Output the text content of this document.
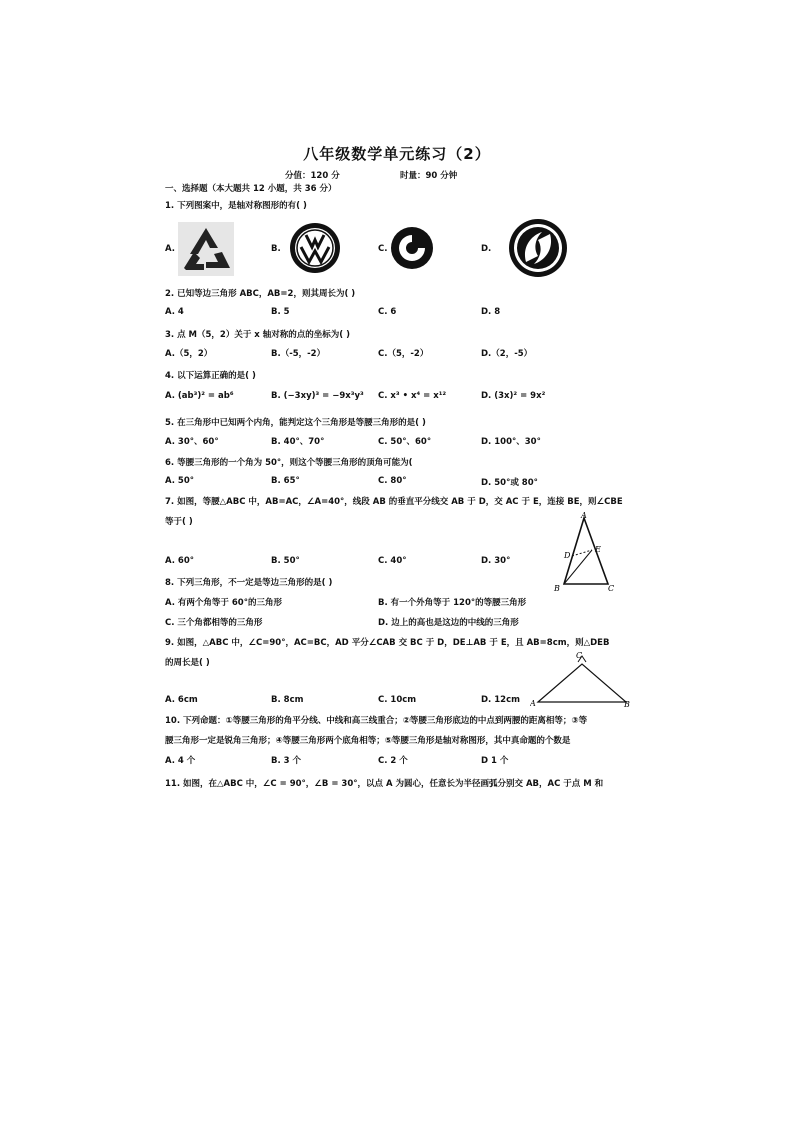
八年级数学单元练习（2）
分值：120 分	时量：90 分钟
一、选择题（本大题共 12 小题，共 36 分）
1. 下列图案中，是轴对称图形的有( )
A.	B.	C.	D.
2. 已知等边三角形 ABC，AB=2，则其周长为( )
A. 4	B. 5	C. 6	D. 8
3. 点 M（5，2）关于 x 轴对称的点的坐标为( )
A.（5，2）	B.（-5，-2）	C.（5，-2）	D.（2，-5）
4. 以下运算正确的是( )
A. (ab³)² = ab⁶	B. (−3xy)³ = −9x³y³ C. x³ • x⁴ = x¹²	D. (3x)² = 9x²
5. 在三角形中已知两个内角，能判定这个三角形是等腰三角形的是( )
A. 30°、60°	B. 40°、70°	C. 50°、60°	D. 100°、30°
6. 等腰三角形的一个角为 50°，则这个等腰三角形的顶角可能为(
A. 50°	B. 65°	C. 80°	D. 50°或 80°
7. 如图，等腰△ABC 中，AB=AC，∠A=40°，线段 AB 的垂直平分线交 AB 于 D，交 AC 于 E，连接 BE，则∠CBE
等于( )
A. 60°	B. 50°	C. 40°	D. 30°
A
D
E
B	C
8. 下列三角形，不一定是等边三角形的是( )
A. 有两个角等于 60°的三角形	B. 有一个外角等于 120°的等腰三角形
C. 三个角都相等的三角形	D. 边上的高也是这边的中线的三角形
9. 如图，△ABC 中，∠C=90°，AC=BC，AD 平分∠CAB 交 BC 于 D，DE⊥AB 于 E，且 AB=8cm，则△DEB
的周长是( )
A. 6cm	B. 8cm	C. 10cm	D. 12cm
C
A	B
10. 下列命题：①等腰三角形的角平分线、中线和高三线重合；②等腰三角形底边的中点到两腰的距离相等；③等
腰三角形一定是锐角三角形；④等腰三角形两个底角相等；⑤等腰三角形是轴对称图形，其中真命题的个数是
A. 4 个	B. 3 个	C. 2 个	D 1 个
11. 如图，在△ABC 中，∠C = 90°，∠B = 30°，以点 A 为圆心，任意长为半径画弧分别交 AB，AC 于点 M 和
